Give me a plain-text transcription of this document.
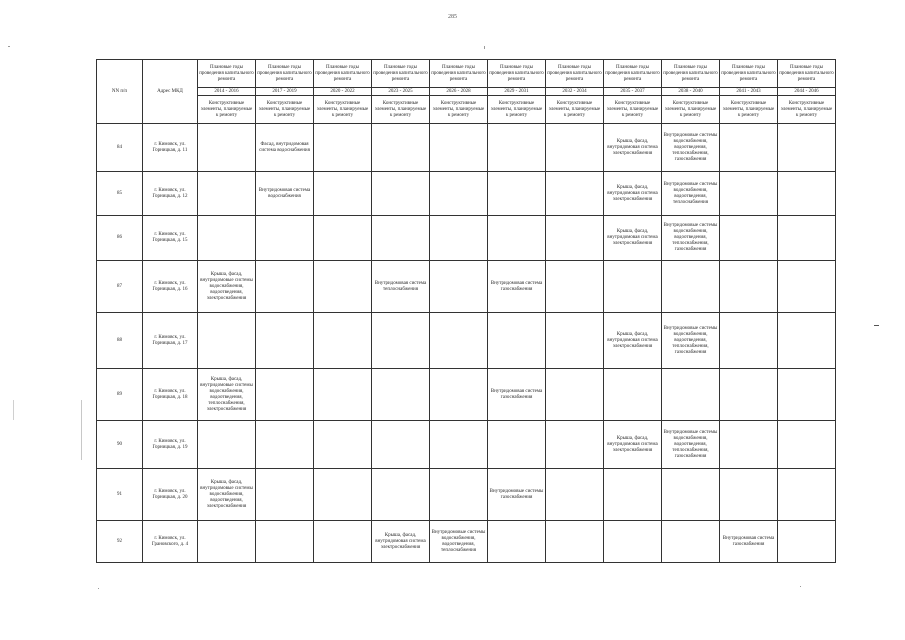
285
NN п/п	Адрес МКД	Плановые годы проведения капитального ремонта	Плановые годы проведения капитального ремонта	Плановые годы проведения капитального ремонта	Плановые годы проведения капитального ремонта	Плановые годы проведения капитального ремонта	Плановые годы проведения капитального ремонта	Плановые годы проведения капитального ремонта	Плановые годы проведения капитального ремонта	Плановые годы проведения капитального ремонта	Плановые годы проведения капитального ремонта	Плановые годы проведения капитального ремонта
		2014 - 2016	2017 - 2019	2020 - 2022	2023 - 2025	2026 - 2028	2029 - 2031	2032 - 2034	2035 - 2037	2038 - 2040	2041 - 2043	2044 - 2046
		Конструктивные элементы, планируемые к ремонту	Конструктивные элементы, планируемые к ремонту	Конструктивные элементы, планируемые к ремонту	Конструктивные элементы, планируемые к ремонту	Конструктивные элементы, планируемые к ремонту	Конструктивные элементы, планируемые к ремонту	Конструктивные элементы, планируемые к ремонту	Конструктивные элементы, планируемые к ремонту	Конструктивные элементы, планируемые к ремонту	Конструктивные элементы, планируемые к ремонту	Конструктивные элементы, планируемые к ремонту
84	г. Кимовск, ул. Горницкая, д. 11		Фасад, внутридомовая система водоснабжения						Крыша, фасад, внутридомовая система электроснабжения	Внутридомовые системы водоснабжения, водоотведения, теплоснабжения, газоснабжения		
85	г. Кимовск, ул. Горницкая, д. 12		Внутридомовая система водоснабжения						Крыша, фасад, внутридомовая система электроснабжения	Внутридомовые системы водоснабжения, водоотведения, теплоснабжения		
86	г. Кимовск, ул. Горницкая, д. 15								Крыша, фасад, внутридомовая система электроснабжения	Внутридомовые системы водоснабжения, водоотведения, теплоснабжения, газоснабжения		
87	г. Кимовск, ул. Горницкая, д. 16	Крыша, фасад, внутридомовые системы водоснабжения, водоотведения, электроснабжения			Внутридомовая система теплоснабжения		Внутридомовая система газоснабжения					
88	г. Кимовск, ул. Горницкая, д. 17								Крыша, фасад, внутридомовая система электроснабжения	Внутридомовые системы водоснабжения, водоотведения, теплоснабжения, газоснабжения		
89	г. Кимовск, ул. Горницкая, д. 18	Крыша, фасад, внутридомовые системы водоснабжения, водоотведения, теплоснабжения, электроснабжения					Внутридомовая система газоснабжения					
90	г. Кимовск, ул. Горницкая, д. 19								Крыша, фасад, внутридомовая система электроснабжения	Внутридомовые системы водоснабжения, водоотведения, теплоснабжения, газоснабжения		
91	г. Кимовск, ул. Горницкая, д. 20	Крыша, фасад, внутридомовые системы водоснабжения, водоотведения, электроснабжения					Внутридомовые системы газоснабжения					
92	г. Кимовск, ул. Грановского, д. 4				Крыша, фасад, внутридомовая система электроснабжения	Внутридомовые системы водоснабжения, водоотведения, теплоснабжения					Внутридомовая система газоснабжения	
